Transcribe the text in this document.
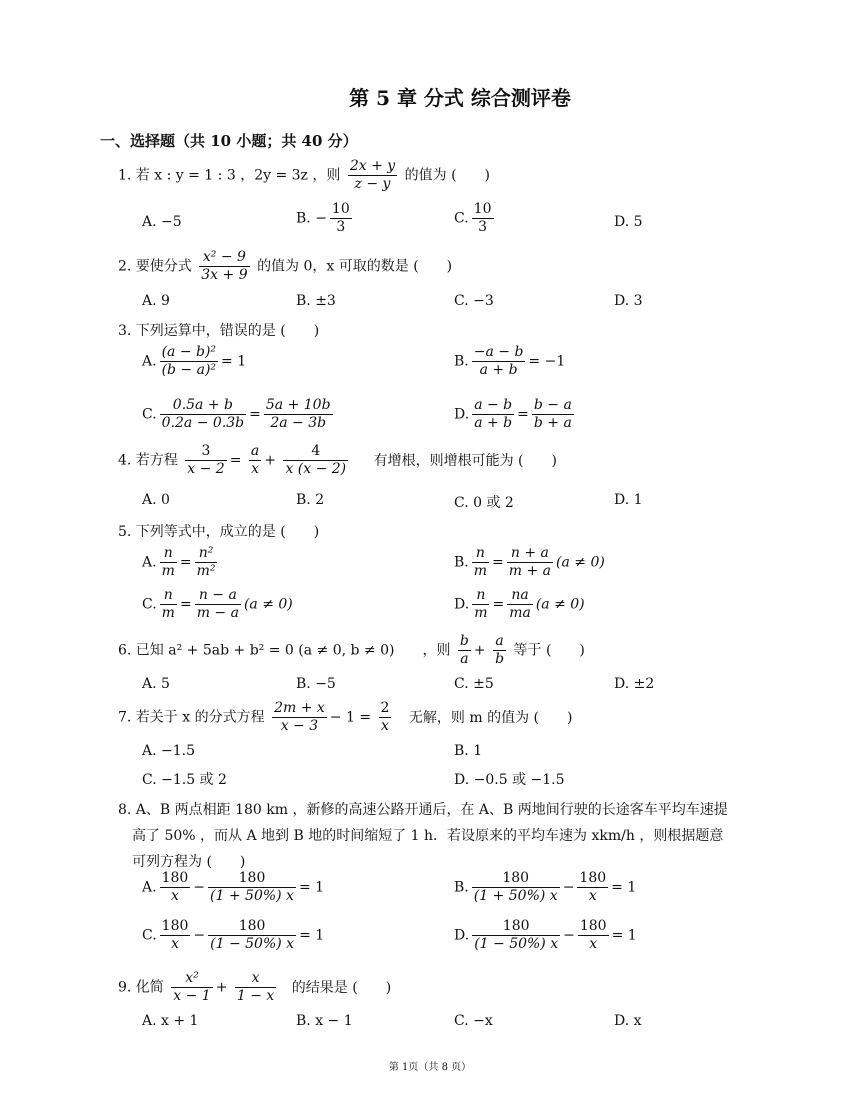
第 5 章 分式 综合测评卷
一、选择题（共 10 小题；共 40 分）
1. 若 x : y = 1 : 3 ，2y = 3z ，则 $\frac{2x + y}{z - y}$ 的值为 (　　)
A. −5	B. − $\frac{10}{3}$	C. $\frac{10}{3}$	D. 5
2. 要使分式 $\frac{\text{x² − 9}}{3x + 9}$ 的值为 0，x 可取的数是 (　　)
A. 9	B. ±3	C. −3	D. 3
3. 下列运算中，错误的是 (　　)
A. $\frac{\text{(a − b)²}}{\text{(b − a)²}} = 1$	B. $\frac{-a - b}{a + b} = -1$
C. $\frac{0.5a + b}{0.2a - 0.3b} = \frac{5a + 10b}{2a - 3b}$	D. $\frac{a - b}{a + b} = \frac{b - a}{b + a}$
4. 若方程 $\frac{3}{x - 2} = \frac{a}{x} + \frac{4}{x (x - 2)}$ 有增根，则增根可能为 (　　)
A. 0	B. 2	C. 0 或 2	D. 1
5. 下列等式中，成立的是 (　　)
A. $\frac{n}{m} = \frac{\text{n²}}{\text{m²}}$	B. $\frac{n}{m} = \frac{n + a}{m + a} (a \ne 0)$
C. $\frac{n}{m} = \frac{n - a}{m - a} (a \ne 0)$	D. $\frac{n}{m} = \frac{na}{ma} (a \ne 0)$
6. 已知 a² + 5ab + b² = 0 (a ≠ 0, b ≠ 0)　　，则 $\frac{b}{a} + \frac{a}{b}$ 等于 (　　)
A. 5	B. −5	C. ±5	D. ±2
7. 若关于 x 的分式方程 $\frac{2m + x}{x - 3} - 1 = \frac{2}{x}$ 无解，则 m 的值为 (　　)
A. −1.5	B. 1
C. −1.5 或 2	D. −0.5 或 −1.5
8. A、B 两点相距 180 km ，新修的高速公路开通后，在 A、B 两地间行驶的长途客车平均车速提
高了 50% ，而从 A 地到 B 地的时间缩短了 1 h．若设原来的平均车速为 xkm/h ，则根据题意
可列方程为 (　　)
A. $\frac{180}{x} - \frac{180}{(1 + 50\%) x} = 1$	B. $\frac{180}{(1 + 50\%) x} - \frac{180}{x} = 1$
C. $\frac{180}{x} - \frac{180}{(1 - 50\%) x} = 1$	D. $\frac{180}{(1 - 50\%) x} - \frac{180}{x} = 1$
9. 化简 $\frac{\text{x²}}{x - 1} + \frac{x}{1 - x}$ 的结果是 (　　)
A. x + 1	B. x − 1	C. −x	D. x
第 1页（共 8 页）
